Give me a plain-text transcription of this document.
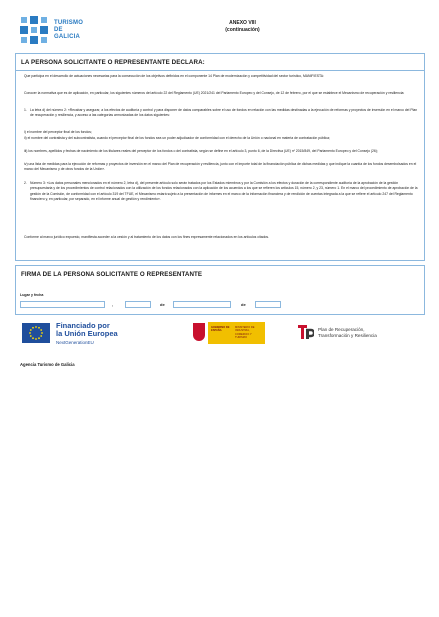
TURISMO
DE
GALICIA
ANEXO VIII
(continuación)
LA PERSONA SOLICITANTE O REPRESENTANTE DECLARA:
Que participa en el desarrollo de actuaciones necesarias para la consecución de los objetivos definidos en el componente 14 Plan de modernización y competitividad del sector turístico, MANIFIESTA:
Conocer la normativa que es de aplicación, en particular, los siguientes números del artículo 22 del Reglamento (UE) 2021/241 del Parlamento Europeo y del Consejo, de 12 de febrero, por el que se establece el Mecanismo de recuperación y resiliencia:
1. La letra d) del número 2: «Recabar y asegurar, a los efectos de auditoría y control y para disponer de datos comparables sobre el uso de fondos en relación con las medidas destinadas a la ejecución de reformas y proyectos de inversión en el marco del Plan de recuperación y resiliencia, y acceso a las categorías armonizadas de los datos siguientes:
i) el nombre del perceptor final de los fondos;
ii) el nombre del contratista y del subcontratista, cuando el perceptor final de los fondos sea un poder adjudicador de conformidad con el derecho de la Unión o nacional en materia de contratación pública;
iii) los nombres, apellidos y fechas de nacimiento de los titulares reales del perceptor de los fondos o del contratista, según se define en el artículo 3, punto 6, de la Directiva (UE) nº 2015/849, del Parlamento Europeo y del Consejo (26);
iv) una lista de medidas para la ejecución de reformas y proyectos de inversión en el marco del Plan de recuperación y resiliencia, junto con el importe total de la financiación pública de dichas medidas y que indique la cuantía de los fondos desembolsados en el marco del Mecanismo y de otros fondos de la Unión».
2. Número 3: «Los datos personales mencionados en el número 2, letra d), del presente artículo solo serán tratados por los Estados miembros y por la Comisión a los efectos y duración de la correspondiente auditoría de la aprobación de la gestión presupuestaria y de los procedimientos de control relacionados con la utilización de los fondos relacionados con la aplicación de los acuerdos a los que se refieren los artículos 15, número 2, y 23, número 1. En el marco del procedimiento de aprobación de la gestión de la Comisión, de conformidad con el artículo 319 del TFUE, el Mecanismo estará sujeto a la presentación de informes en el marco de la información financiera y de rendición de cuentas integrada a la que se refiere el artículo 247 del Reglamento financiero y, en particular, por separado, en el informe anual de gestión y rendimiento».
Conforme al marco jurídico expuesto, manifiesta acceder a la cesión y al tratamiento de los datos con los fines expresamente relacionados en los artículos citados.
FIRMA DE LA PERSONA SOLICITANTE O REPRESENTANTE
Lugar y fecha
,	de	de
Financiado por
la Unión Europea
NextGenerationEU
GOBIERNO DE ESPAÑA
MINISTERIO DE INDUSTRIA, COMERCIO Y TURISMO
Plan de Recuperación,
Transformación y Resiliencia
Agencia Turismo de Galicia
